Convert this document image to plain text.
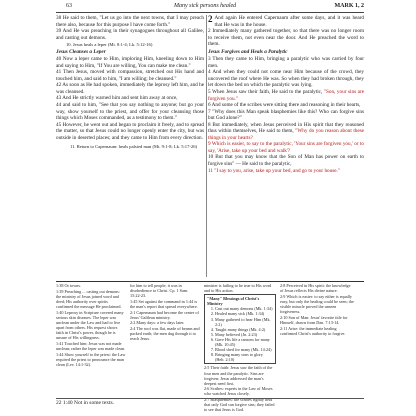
63	Many sick persons healed	MARK 1, 2

38 He said to them, "Let us go into the next towns, that I may preach there also, because for this purpose I have come forth."

39 And He was preaching in their synagogues throughout all Galilee, and casting out demons.

10. Jesus heals a leper (Mt. 8:1-4; Lk. 5:12-16)

Jesus Cleanses a Leper

40 Now a leper came to Him, imploring Him, kneeling down to Him and saying to Him, "If You are willing, You can make me clean."

41 Then Jesus, moved with compassion, stretched out His hand and touched him, and said to him, "I am willing; be cleansed."

42 As soon as He had spoken, immediately the leprosy left him, and he was cleansed.

43 And He strictly warned him and sent him away at once,

44 and said to him, "See that you say nothing to anyone; but go your way, show yourself to the priest, and offer for your cleansing those things which Moses commanded, as a testimony to them."

45 However, he went out and began to proclaim it freely, and to spread the matter, so that Jesus could no longer openly enter the city, but was outside in deserted places; and they came to Him from every direction.

11. Return to Capernaum: heals palsied man (Mt. 9:1-8; Lk. 5:17-26)

2 And again He entered Capernaum after some days, and it was heard that He was in the house.

2 Immediately many gathered together, so that there was no longer room to receive them, not even near the door. And He preached the word to them.

Jesus Forgives and Heals a Paralytic

3 Then they came to Him, bringing a paralytic who was carried by four men.

4 And when they could not come near Him because of the crowd, they uncovered the roof where He was. So when they had broken through, they let down the bed on which the paralytic was lying.

5 When Jesus saw their faith, He said to the paralytic, "Son, your sins are forgiven you."

6 And some of the scribes were sitting there and reasoning in their hearts,

7 "Why does this Man speak blasphemies like this? Who can forgive sins but God alone?"

8 But immediately, when Jesus perceived in His spirit that they reasoned thus within themselves, He said to them, "Why do you reason about these things in your hearts?

9 Which is easier, to say to the paralytic, 'Your sins are forgiven you,' or to say, 'Arise, take up your bed and walk'?

10 But that you may know that the Son of Man has power on earth to forgive sins" — He said to the paralytic,

11 "I say to you, arise, take up your bed, and go to your house."

1:38 Or towns.

1:39 Preaching ... casting out demons: the ministry of Jesus joined word and deed; His authority over spirits confirmed the message He proclaimed.

1:40 Leprosy in Scripture covered many serious skin diseases. The leper was unclean under the Law and had to live apart from others. His request shows faith in Christ's power, though he is unsure of His willingness.

1:41 Touched him: Jesus was not made unclean; rather the leper was made clean.

1:44 Show yourself to the priest: the Law required the priest to pronounce the man clean (Lev. 14:1-32).

for him to tell people; it was in disobedience to Christ. Cp. 1 Sam. 15:22-23.

1:45 Set against the command in 1:44 is the man's report that spread everywhere.

2:1 Capernaum had become the center of Jesus' Galilean ministry.

2:2 Many days: a few days later.

2:4 The roof was flat, made of beams and packed earth; the men dug through it to reach Jesus.

minister is failing to be true to His word and to His action.

"Many" Blessings of Christ's Ministry
1. Cast out many demons (Mk. 1:34)
2. Healed many sick (Mk. 1:34)
3. Many gathered to hear Him (Mk. 2:2)
4. Taught many things (Mk. 4:2)
5. Many believed (Jn. 2:23)
6. Gave His life a ransom for many (Mk. 10:45)
7. Blood shed for many (Mk. 14:24)
8. Bringing many sons to glory (Heb. 2:10)

2:5 Their faith: Jesus saw the faith of the four men and the paralytic. Sins are forgiven: Jesus addressed the man's deepest need first.

2:6 Scribes: experts in the Law of Moses who watched Jesus closely.

2:7 Blasphemies: the scribes rightly held that only God can forgive sins; they failed to see that Jesus is God.

2:8 Perceived in His spirit: the knowledge of Jesus reflects His divine nature.

2:9 Which is easier: to say either is equally easy, but only the healing could be seen; the visible miracle proved the unseen forgiveness.

2:10 Son of Man: Jesus' favorite title for Himself, drawn from Dan. 7:13-14.

2:11 Arise: the immediate healing confirmed Christ's authority to forgive.

22 1:40 Not in some texts.
